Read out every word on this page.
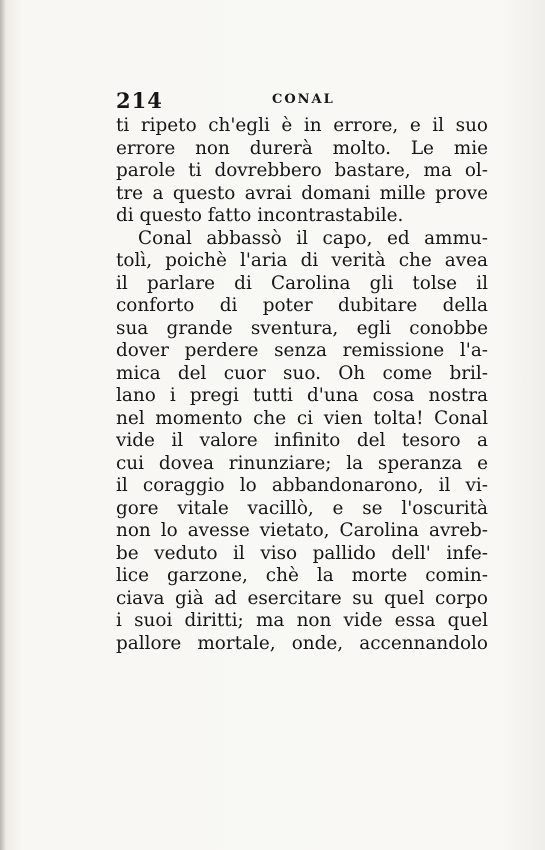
214	CONAL
ti ripeto ch'egli è in errore, e il suo
errore non durerà molto. Le mie
parole ti dovrebbero bastare, ma ol-
tre a questo avrai domani mille prove
di questo fatto incontrastabile.
Conal abbassò il capo, ed ammu-
tolì, poichè l'aria di verità che avea
il parlare di Carolina gli tolse il
conforto di poter dubitare della
sua grande sventura, egli conobbe
dover perdere senza remissione l'a-
mica del cuor suo. Oh come bril-
lano i pregi tutti d'una cosa nostra
nel momento che ci vien tolta! Conal
vide il valore infinito del tesoro a
cui dovea rinunziare; la speranza e
il coraggio lo abbandonarono, il vi-
gore vitale vacillò, e se l'oscurità
non lo avesse vietato, Carolina avreb-
be veduto il viso pallido dell' infe-
lice garzone, chè la morte comin-
ciava già ad esercitare su quel corpo
i suoi diritti; ma non vide essa quel
pallore mortale, onde, accennandolo
